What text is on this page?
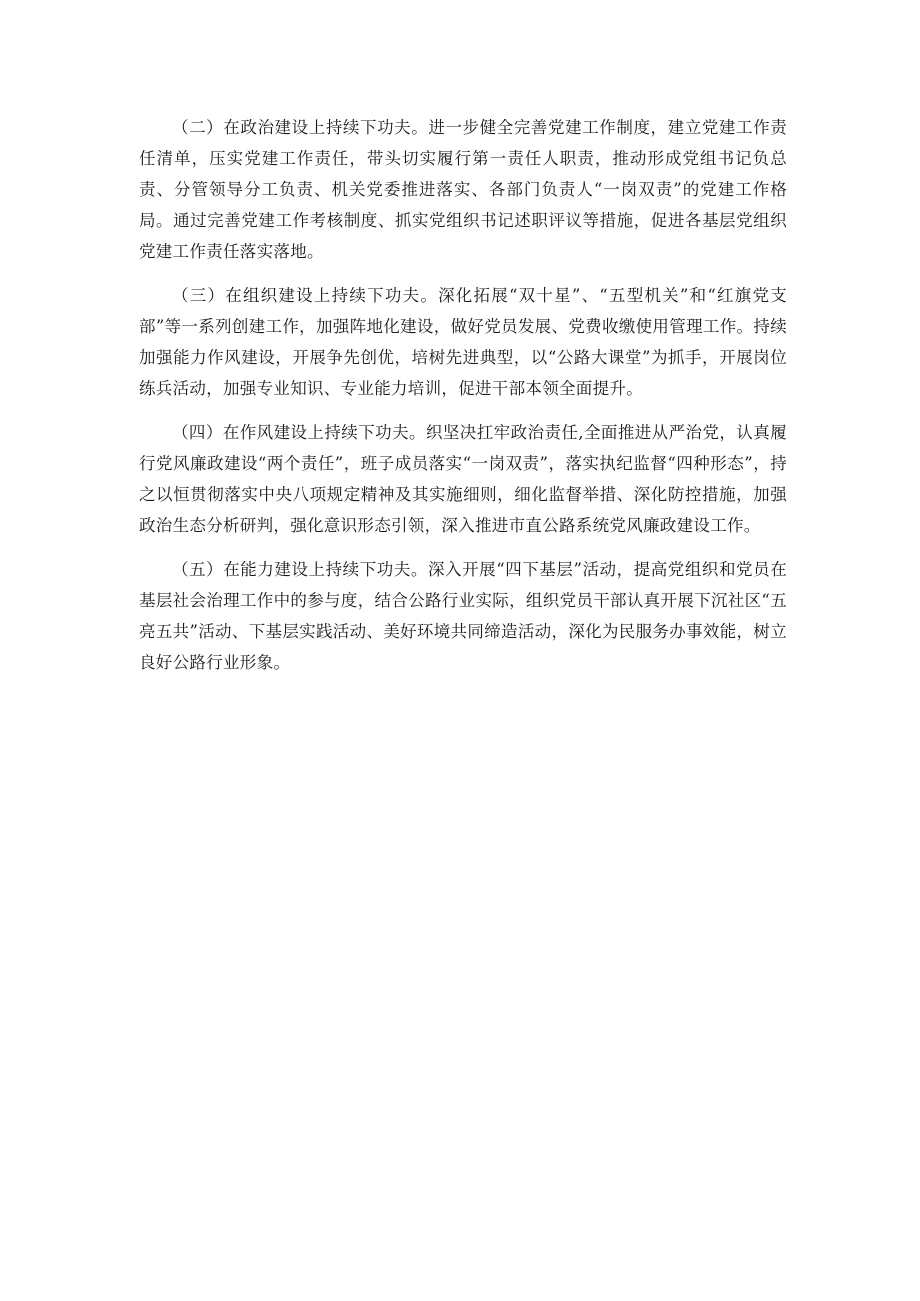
（二）在政治建设上持续下功夫。进一步健全完善党建工作制度，建立党建工作责任清单，压实党建工作责任，带头切实履行第一责任人职责，推动形成党组书记负总责、分管领导分工负责、机关党委推进落实、各部门负责人“一岗双责”的党建工作格局。通过完善党建工作考核制度、抓实党组织书记述职评议等措施，促进各基层党组织党建工作责任落实落地。

（三）在组织建设上持续下功夫。深化拓展“双十星”、“五型机关”和“红旗党支部”等一系列创建工作，加强阵地化建设，做好党员发展、党费收缴使用管理工作。持续加强能力作风建设，开展争先创优，培树先进典型，以“公路大课堂”为抓手，开展岗位练兵活动，加强专业知识、专业能力培训，促进干部本领全面提升。

（四）在作风建设上持续下功夫。织坚决扛牢政治责任,全面推进从严治党，认真履行党风廉政建设“两个责任”，班子成员落实“一岗双责”，落实执纪监督“四种形态”，持之以恒贯彻落实中央八项规定精神及其实施细则，细化监督举措、深化防控措施，加强政治生态分析研判，强化意识形态引领，深入推进市直公路系统党风廉政建设工作。

（五）在能力建设上持续下功夫。深入开展“四下基层”活动，提高党组织和党员在基层社会治理工作中的参与度，结合公路行业实际，组织党员干部认真开展下沉社区“五亮五共”活动、下基层实践活动、美好环境共同缔造活动，深化为民服务办事效能，树立良好公路行业形象。
